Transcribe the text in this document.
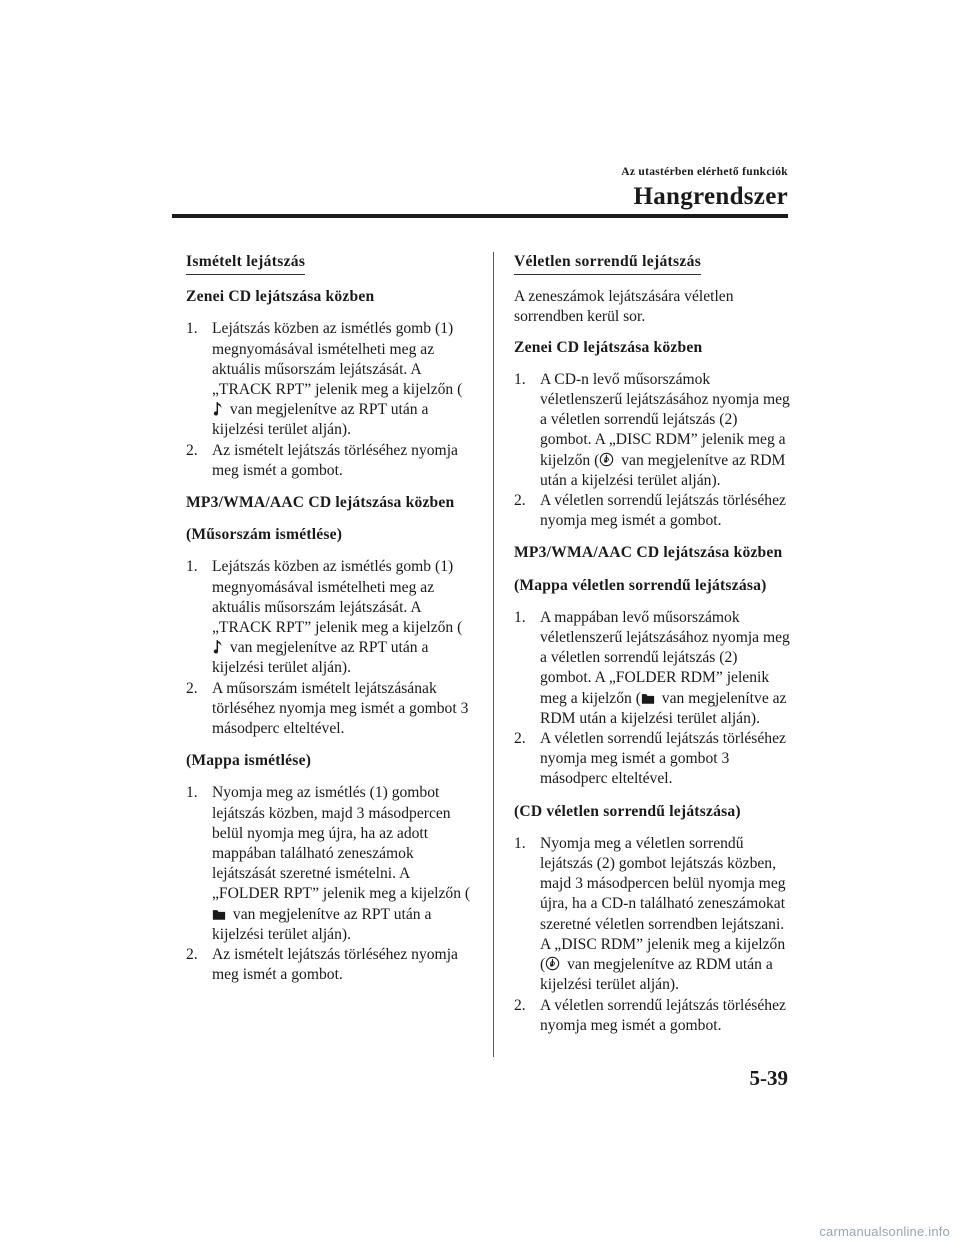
Az utastérben elérhető funkciók
Hangrendszer
Ismételt lejátszás
Zenei CD lejátszása közben
1. Lejátszás közben az ismétlés gomb (1) megnyomásával ismételheti meg az aktuális műsorszám lejátszását. A „TRACK RPT” jelenik meg a kijelzőn ( van megjelenítve az RPT után a kijelzési terület alján).
2. Az ismételt lejátszás törléséhez nyomja meg ismét a gombot.
MP3/WMA/AAC CD lejátszása közben
(Műsorszám ismétlése)
1. Lejátszás közben az ismétlés gomb (1) megnyomásával ismételheti meg az aktuális műsorszám lejátszását. A „TRACK RPT” jelenik meg a kijelzőn ( van megjelenítve az RPT után a kijelzési terület alján).
2. A műsorszám ismételt lejátszásának törléséhez nyomja meg ismét a gombot 3 másodperc elteltével.
(Mappa ismétlése)
1. Nyomja meg az ismétlés (1) gombot lejátszás közben, majd 3 másodpercen belül nyomja meg újra, ha az adott mappában található zeneszámok lejátszását szeretné ismételni. A „FOLDER RPT” jelenik meg a kijelzőn ( van megjelenítve az RPT után a kijelzési terület alján).
2. Az ismételt lejátszás törléséhez nyomja meg ismét a gombot.
Véletlen sorrendű lejátszás
A zeneszámok lejátszására véletlen sorrendben kerül sor.
Zenei CD lejátszása közben
1. A CD-n levő műsorszámok véletlenszerű lejátszásához nyomja meg a véletlen sorrendű lejátszás (2) gombot. A „DISC RDM” jelenik meg a kijelzőn ( van megjelenítve az RDM után a kijelzési terület alján).
2. A véletlen sorrendű lejátszás törléséhez nyomja meg ismét a gombot.
MP3/WMA/AAC CD lejátszása közben
(Mappa véletlen sorrendű lejátszása)
1. A mappában levő műsorszámok véletlenszerű lejátszásához nyomja meg a véletlen sorrendű lejátszás (2) gombot. A „FOLDER RDM” jelenik meg a kijelzőn ( van megjelenítve az RDM után a kijelzési terület alján).
2. A véletlen sorrendű lejátszás törléséhez nyomja meg ismét a gombot 3 másodperc elteltével.
(CD véletlen sorrendű lejátszása)
1. Nyomja meg a véletlen sorrendű lejátszás (2) gombot lejátszás közben, majd 3 másodpercen belül nyomja meg újra, ha a CD-n található zeneszámokat szeretné véletlen sorrendben lejátszani. A „DISC RDM” jelenik meg a kijelzőn ( van megjelenítve az RDM után a kijelzési terület alján).
2. A véletlen sorrendű lejátszás törléséhez nyomja meg ismét a gombot.
5-39
carmanualsonline.info
